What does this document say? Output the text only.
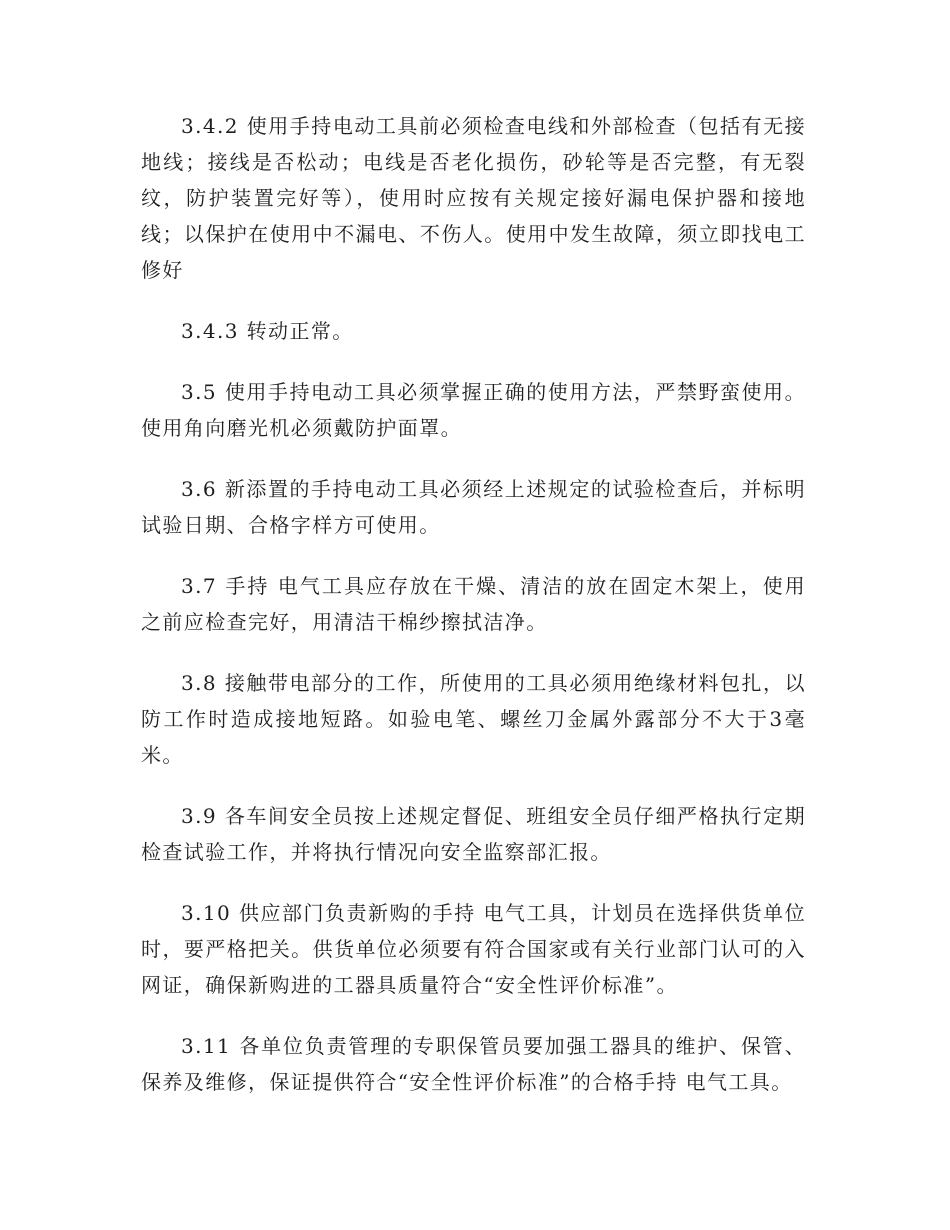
3.4.2 使用手持电动工具前必须检查电线和外部检查（包括有无接地线；接线是否松动；电线是否老化损伤，砂轮等是否完整，有无裂纹，防护装置完好等），使用时应按有关规定接好漏电保护器和接地线；以保护在使用中不漏电、不伤人。使用中发生故障，须立即找电工修好

3.4.3 转动正常。

3.5 使用手持电动工具必须掌握正确的使用方法，严禁野蛮使用。使用角向磨光机必须戴防护面罩。

3.6 新添置的手持电动工具必须经上述规定的试验检查后，并标明试验日期、合格字样方可使用。

3.7 手持 电气工具应存放在干燥、清洁的放在固定木架上，使用之前应检查完好，用清洁干棉纱擦拭洁净。

3.8 接触带电部分的工作，所使用的工具必须用绝缘材料包扎，以防工作时造成接地短路。如验电笔、螺丝刀金属外露部分不大于3毫米。

3.9 各车间安全员按上述规定督促、班组安全员仔细严格执行定期检查试验工作，并将执行情况向安全监察部汇报。

3.10 供应部门负责新购的手持 电气工具，计划员在选择供货单位时，要严格把关。供货单位必须要有符合国家或有关行业部门认可的入网证，确保新购进的工器具质量符合“安全性评价标准”。

3.11 各单位负责管理的专职保管员要加强工器具的维护、保管、保养及维修，保证提供符合“安全性评价标准”的合格手持 电气工具。
